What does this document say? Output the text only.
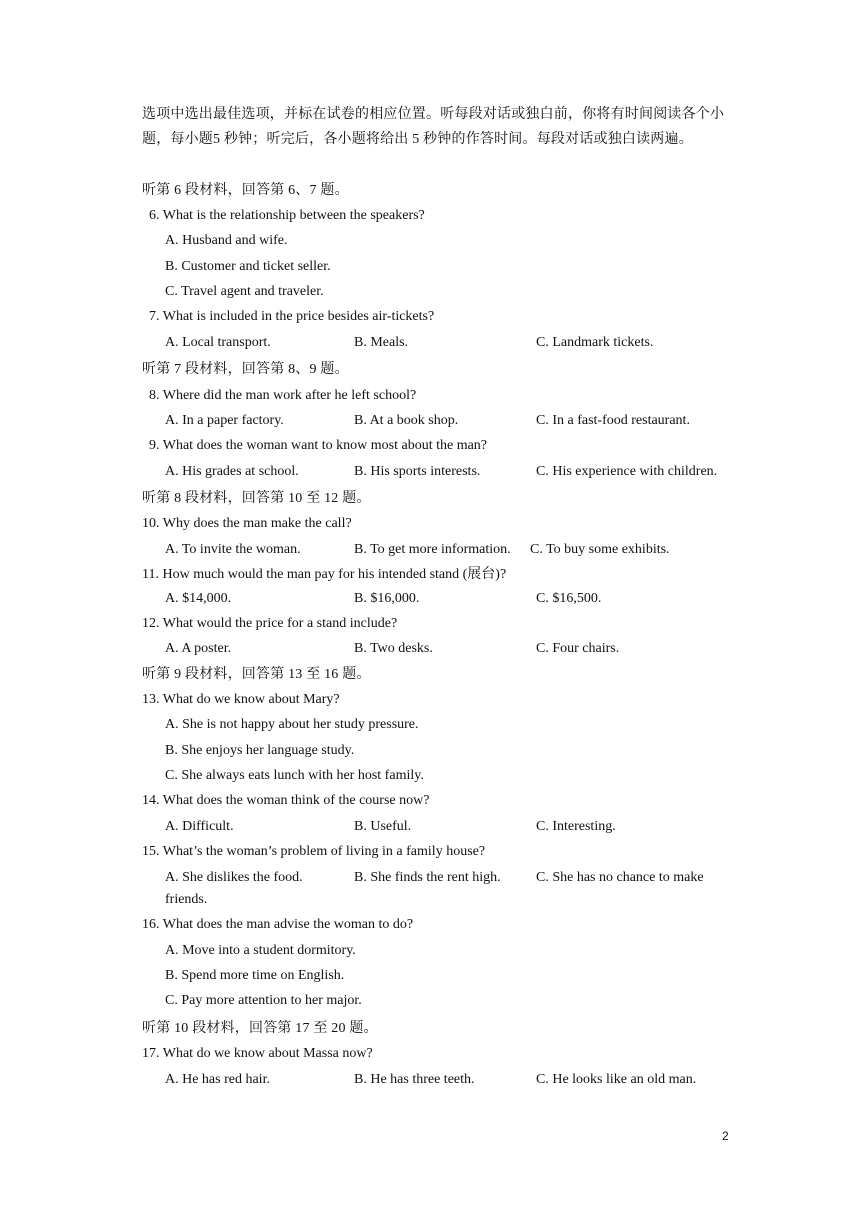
选项中选出最佳选项，并标在试卷的相应位置。听每段对话或独白前，你将有时间阅读各个小
题，每小题5 秒钟；听完后，各小题将给出 5 秒钟的作答时间。每段对话或独白读两遍。
听第 6 段材料，回答第 6、7 题。
6. What is the relationship between the speakers?
A. Husband and wife.
B. Customer and ticket seller.
C. Travel agent and traveler.
7. What is included in the price besides air-tickets?
A. Local transport.	B. Meals.	C. Landmark tickets.
听第 7 段材料，回答第 8、9 题。
8. Where did the man work after he left school?
A. In a paper factory.	B. At a book shop.	C. In a fast-food restaurant.
9. What does the woman want to know most about the man?
A. His grades at school.	B. His sports interests.	C. His experience with children.
听第 8 段材料，回答第 10 至 12 题。
10. Why does the man make the call?
A. To invite the woman.	B. To get more information. C. To buy some exhibits.
11. How much would the man pay for his intended stand (展台)?
A. $14,000.	B. $16,000.	C. $16,500.
12. What would the price for a stand include?
A. A poster.	B. Two desks.	C. Four chairs.
听第 9 段材料，回答第 13 至 16 题。
13. What do we know about Mary?
A. She is not happy about her study pressure.
B. She enjoys her language study.
C. She always eats lunch with her host family.
14. What does the woman think of the course now?
A. Difficult.	B. Useful.	C. Interesting.
15. What’s the woman’s problem of living in a family house?
A. She dislikes the food.	B. She finds the rent high.	C. She has no chance to make
friends.
16. What does the man advise the woman to do?
A. Move into a student dormitory.
B. Spend more time on English.
C. Pay more attention to her major.
听第 10 段材料，回答第 17 至 20 题。
17. What do we know about Massa now?
A. He has red hair.	B. He has three teeth.	C. He looks like an old man.
2
